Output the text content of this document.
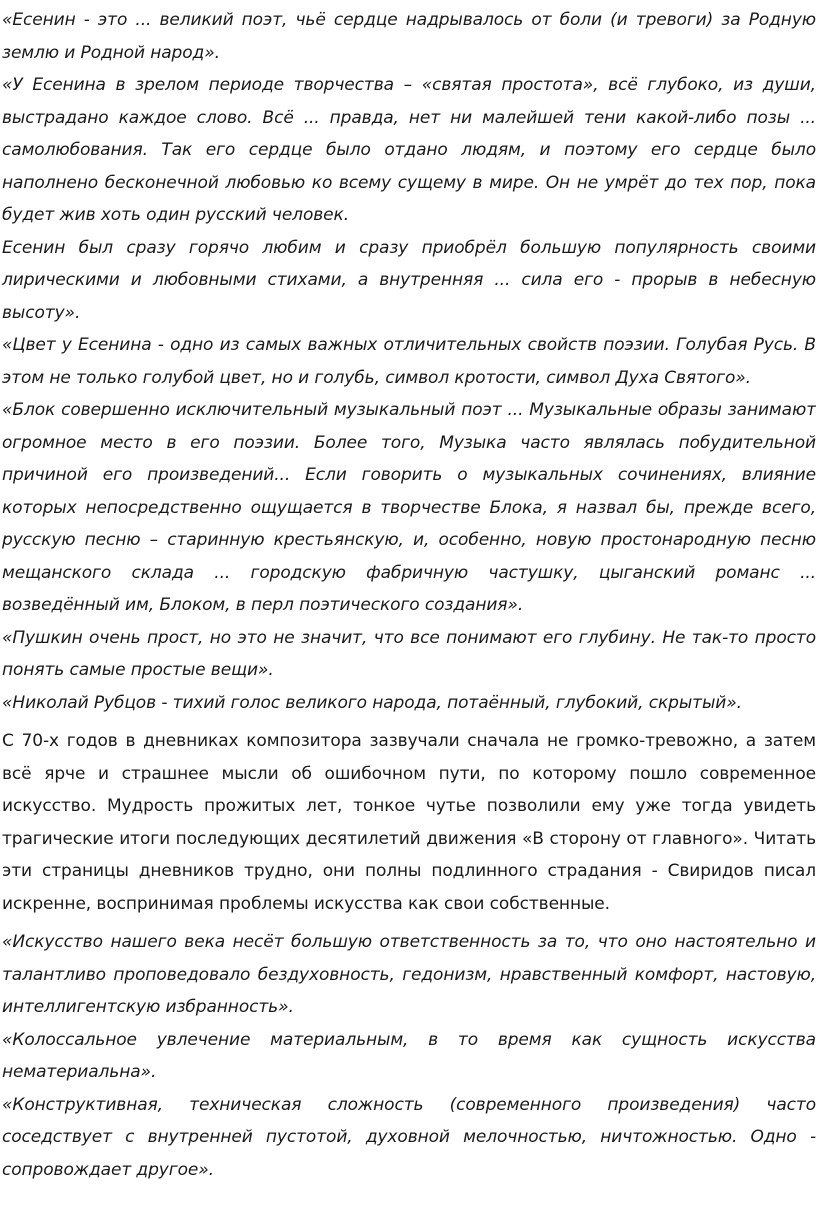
«Есенин - это ... великий поэт, чьё сердце надрывалось от боли (и тревоги) за Родную землю и Родной народ».

«У Есенина в зрелом периоде творчества – «святая простота», всё глубоко, из души, выстрадано каждое слово. Всё ... правда, нет ни малейшей тени какой-либо позы ... самолюбования. Так его сердце было отдано людям, и поэтому его сердце было наполнено бесконечной любовью ко всему сущему в мире. Он не умрёт до тех пор, пока будет жив хоть один русский человек.

Есенин был сразу горячо любим и сразу приобрёл большую популярность своими лирическими и любовными стихами, а внутренняя ... сила его - прорыв в небесную высоту».

«Цвет у Есенина - одно из самых важных отличительных свойств поэзии. Голубая Русь. В этом не только голубой цвет, но и голубь, символ кротости, символ Духа Святого».

«Блок совершенно исключительный музыкальный поэт ... Музыкальные образы занимают огромное место в его поэзии. Более того, Музыка часто являлась побудительной причиной его произведений... Если говорить о музыкальных сочинениях, влияние которых непосредственно ощущается в творчестве Блока, я назвал бы, прежде всего, русскую песню – старинную крестьянскую, и, особенно, новую простонародную песню мещанского склада ... городскую фабричную частушку, цыганский романс ... возведённый им, Блоком, в перл поэтического создания».

«Пушкин очень прост, но это не значит, что все понимают его глубину. Не так-то просто понять самые простые вещи».

«Николай Рубцов - тихий голос великого народа, потаённый, глубокий, скрытый».

С 70-х годов в дневниках композитора зазвучали сначала не громко-тревожно, а затем всё ярче и страшнее мысли об ошибочном пути, по которому пошло современное искусство. Мудрость прожитых лет, тонкое чутье позволили ему уже тогда увидеть трагические итоги последующих десятилетий движения «В сторону от главного». Читать эти страницы дневников трудно, они полны подлинного страдания - Свиридов писал искренне, воспринимая проблемы искусства как свои собственные.

«Искусство нашего века несёт большую ответственность за то, что оно настоятельно и талантливо проповедовало бездуховность, гедонизм, нравственный комфорт, настовую, интеллигентскую избранность».

«Колоссальное увлечение материальным, в то время как сущность искусства нематериальна».

«Конструктивная, техническая сложность (современного произведения) часто соседствует с внутренней пустотой, духовной мелочностью, ничтожностью. Одно - сопровождает другое».
